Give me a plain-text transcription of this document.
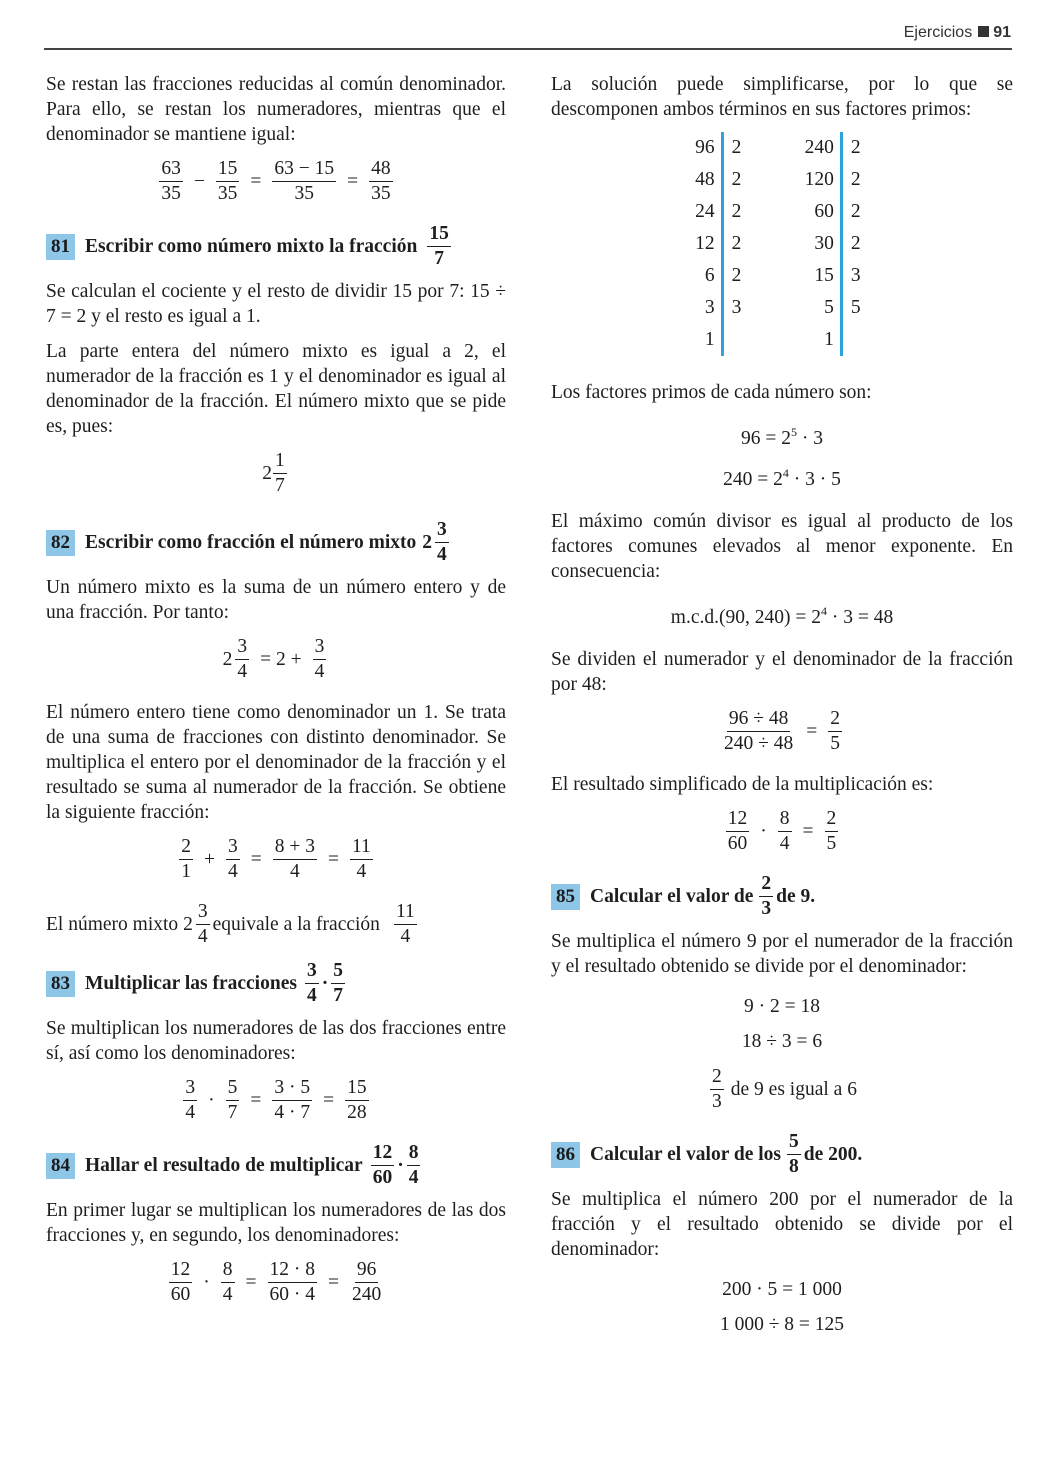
Ejercicios 91

Se restan las fracciones reducidas al común denominador. Para ello, se restan los numeradores, mientras que el denominador se mantiene igual:

$\frac{63}{35} - \frac{15}{35} = \frac{63 - 15}{35} = \frac{48}{35}$
81 Escribir como número mixto la fracción $\frac{15}{7}$

Se calculan el cociente y el resto de dividir 15 por 7: 15 ÷ 7 = 2 y el resto es igual a 1.

La parte entera del número mixto es igual a 2, el numerador de la fracción es 1 y el denominador es igual al denominador de la fracción. El número mixto que se pide es, pues:

$2 \frac{1}{7}$
82 Escribir como fracción el número mixto $2 \frac{3}{4}$

Un número mixto es la suma de un número entero y de una fracción. Por tanto:

$2 \frac{3}{4} = 2 + \frac{3}{4}$

El número entero tiene como denominador un 1. Se trata de una suma de fracciones con distinto denominador. Se multiplica el entero por el denominador de la fracción y el resultado se suma al numerador de la fracción. Se obtiene la siguiente fracción:

$\frac{2}{1} + \frac{3}{4} = \frac{8 + 3}{4} = \frac{11}{4}$
El número mixto $2 \frac{3}{4}$ equivale a la fracción $\frac{11}{4}$
83 Multiplicar las fracciones $\frac{3}{4} \cdot \frac{5}{7}$

Se multiplican los numeradores de las dos fracciones entre sí, así como los denominadores:

$\frac{3}{4} \cdot \frac{5}{7} = \frac{3 \cdot 5}{4 \cdot 7} = \frac{15}{28}$
84 Hallar el resultado de multiplicar $\frac{12}{60} \cdot \frac{8}{4}$

En primer lugar se multiplican los numeradores de las dos fracciones y, en segundo, los denominadores:

$\frac{12}{60} \cdot \frac{8}{4} = \frac{12 \cdot 8}{60 \cdot 4} = \frac{96}{240}$

La solución puede simplificarse, por lo que se descomponen ambos términos en sus factores primos:

96
48
24
12
6
3
1
2
2
2
2
2
3
240
120
60
30
15
5
1
2
2
2
2
3
5

Los factores primos de cada número son:

$96 = 2^5 \cdot 3$
$240 = 2^4 \cdot 3 \cdot 5$

El máximo común divisor es igual al producto de los factores comunes elevados al menor exponente. En consecuencia:

m.c.d.(90, $240) = 2^4 \cdot 3 = 48$

Se dividen el numerador y el denominador de la fracción por 48:

$\frac{96 \div 48}{240 \div 48} = \frac{2}{5}$

El resultado simplificado de la multiplicación es:

$\frac{12}{60} \cdot \frac{8}{4} = \frac{2}{5}$
85 Calcular el valor de $\frac{2}{3}$ de 9.

Se multiplica el número 9 por el numerador de la fracción y el resultado obtenido se divide por el denominador:

9 · 2 = 18
18 ÷ 3 = 6
$\frac{2}{3}$ de 9 es igual a 6
86 Calcular el valor de los $\frac{5}{8}$ de 200.

Se multiplica el número 200 por el numerador de la fracción y el resultado obtenido se divide por el denominador:

200 · 5 = 1 000
1 000 ÷ 8 = 125
